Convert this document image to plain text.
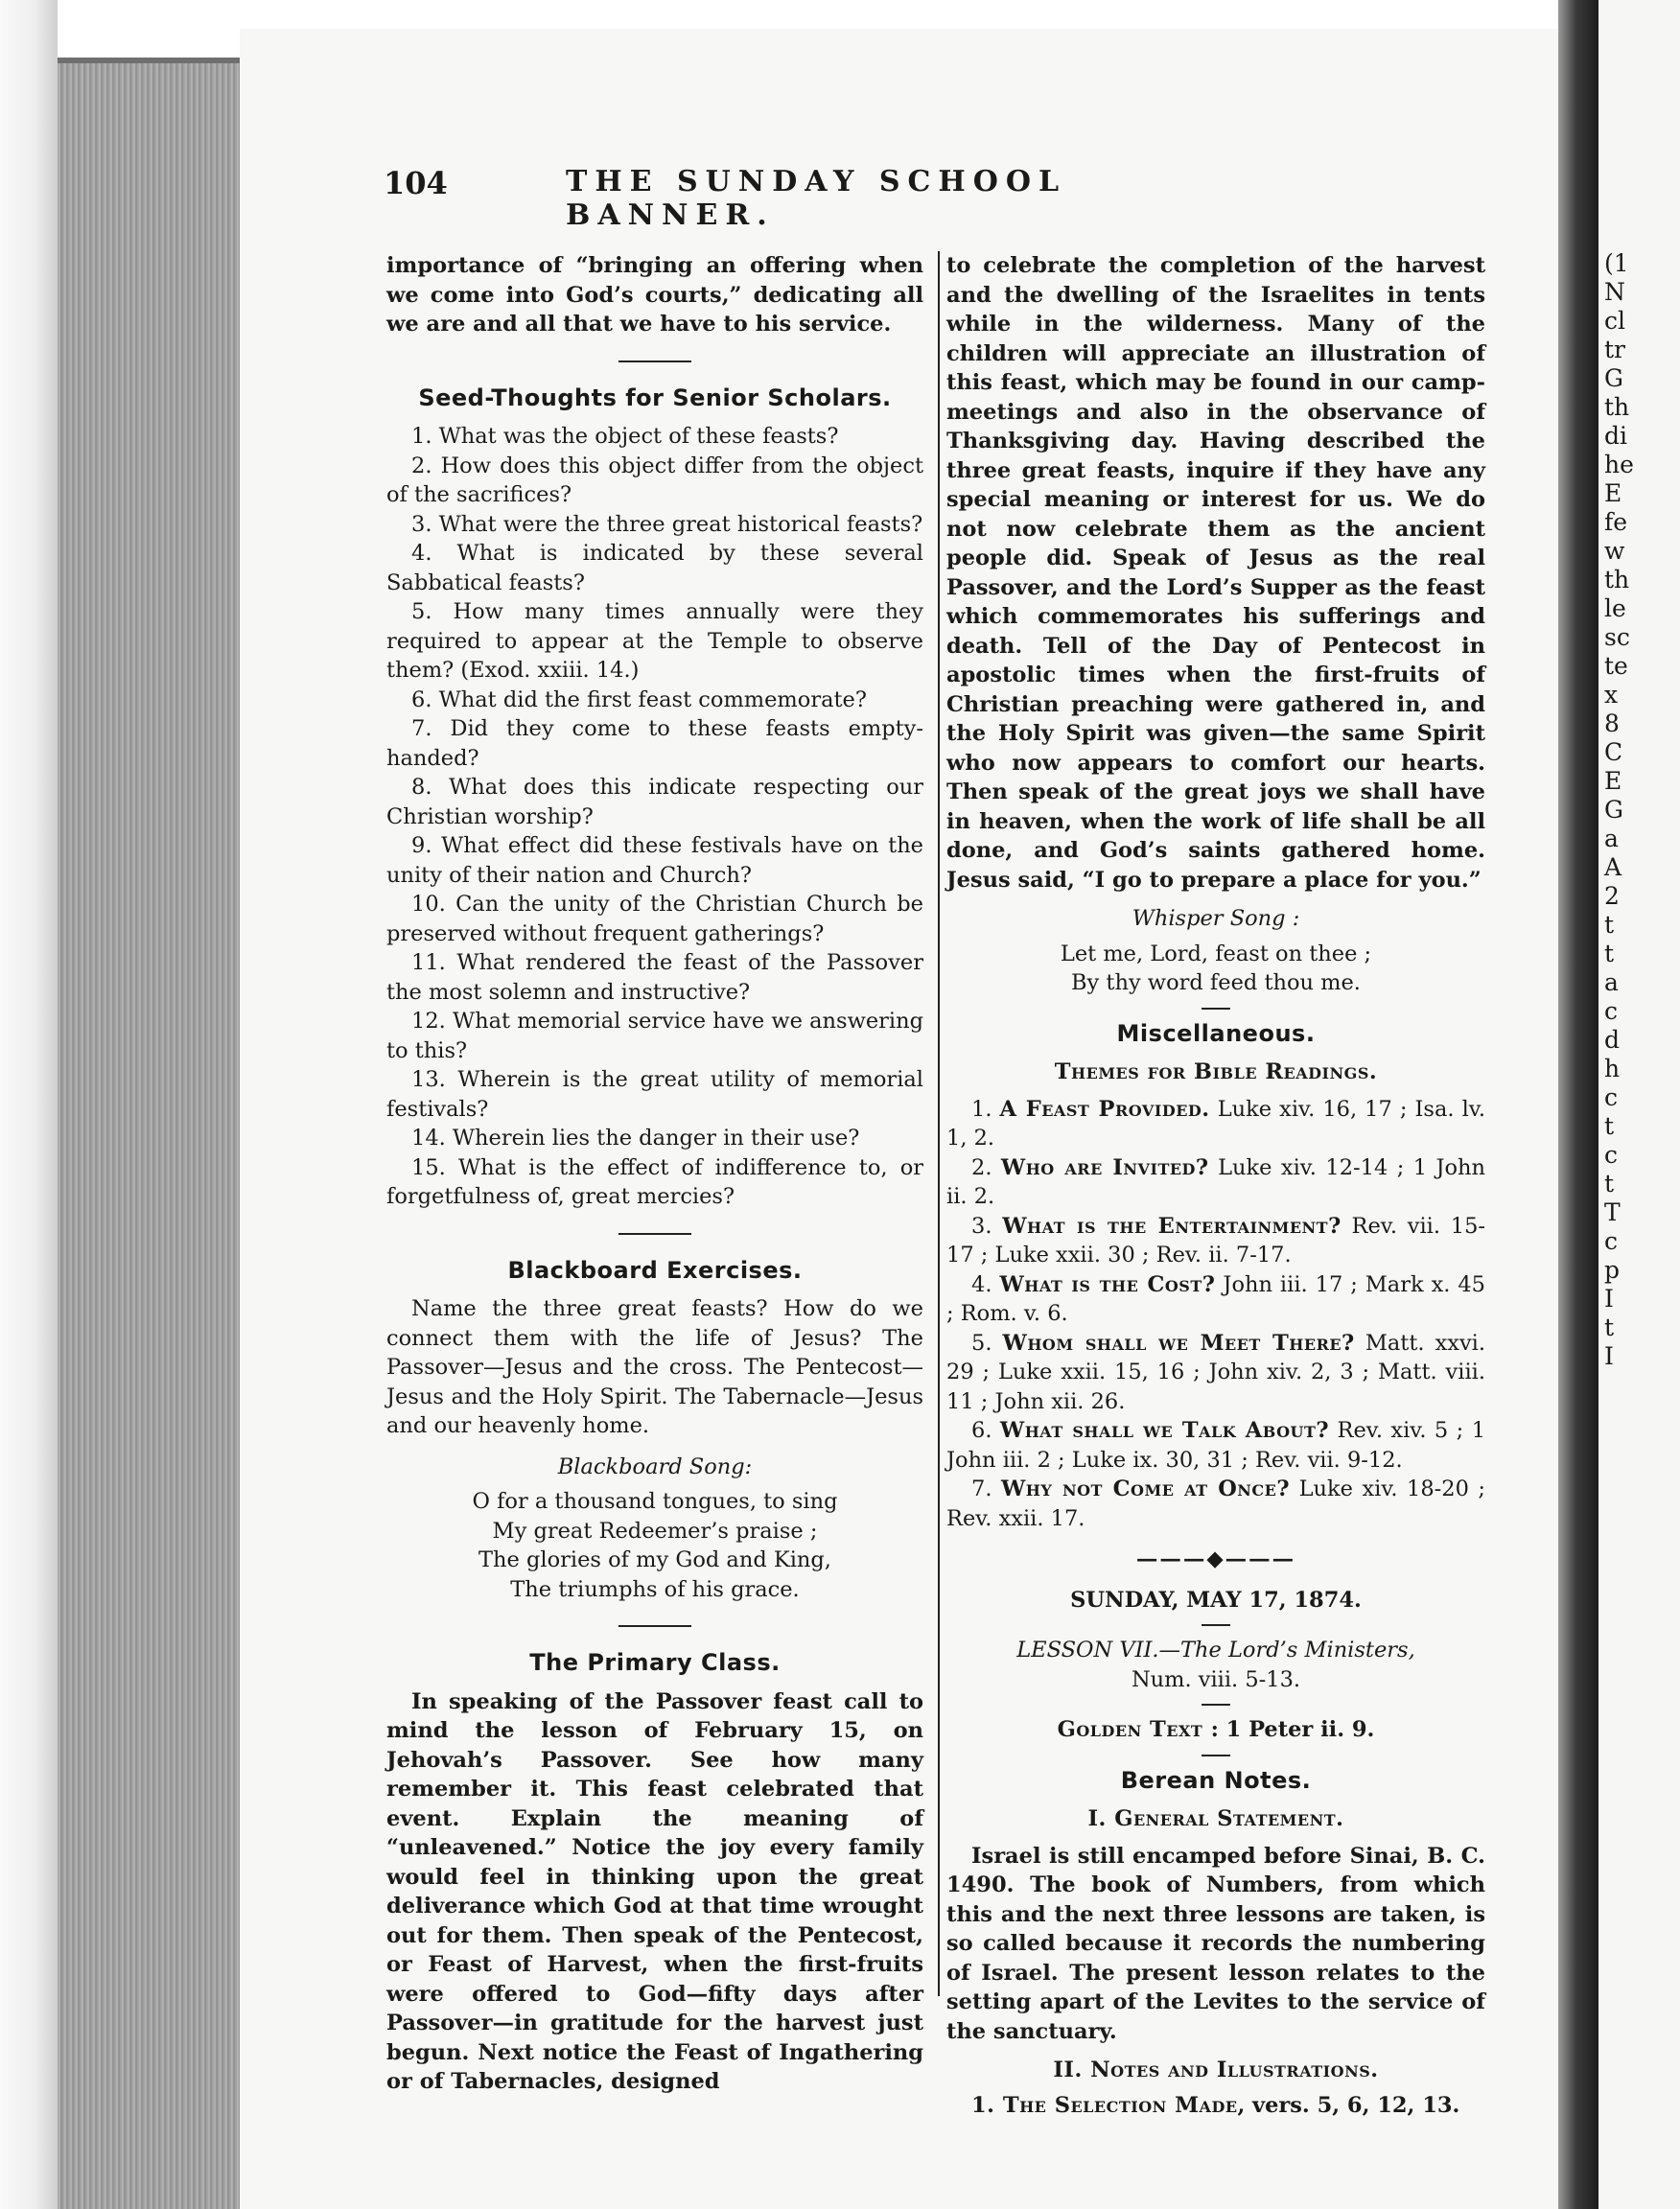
(1
N
cl
tr
G
th
di
he
E
fe
w
th
le
sc
te
x
8
C
E
G
a
A
2
t
t
a
c
d
h
c
t
c
t
T
c
p
I
t
I
104	THE SUNDAY SCHOOL BANNER.

importance of “bringing an offering when we come into God’s courts,” dedicating all we are and all that we have to his service.

Seed-Thoughts for Senior Scholars.

1. What was the object of these feasts?

2. How does this object differ from the object of the sacrifices?

3. What were the three great historical feasts?

4. What is indicated by these several Sabbatical feasts?

5. How many times annually were they required to appear at the Temple to observe them? (Exod. xxiii. 14.)

6. What did the first feast commemorate?

7. Did they come to these feasts empty-handed?

8. What does this indicate respecting our Christian worship?

9. What effect did these festivals have on the unity of their nation and Church?

10. Can the unity of the Christian Church be preserved without frequent gatherings?

11. What rendered the feast of the Passover the most solemn and instructive?

12. What memorial service have we answering to this?

13. Wherein is the great utility of memorial festivals?

14. Wherein lies the danger in their use?

15. What is the effect of indifference to, or forgetfulness of, great mercies?

Blackboard Exercises.

Name the three great feasts? How do we connect them with the life of Jesus? The Passover—Jesus and the cross. The Pentecost—Jesus and the Holy Spirit. The Tabernacle—Jesus and our heavenly home.

Blackboard Song:

O for a thousand tongues, to sing

My great Redeemer’s praise ;

The glories of my God and King,

The triumphs of his grace.

The Primary Class.

In speaking of the Passover feast call to mind the lesson of February 15, on Jehovah’s Passover. See how many remember it. This feast celebrated that event. Explain the meaning of “unleavened.” Notice the joy every family would feel in thinking upon the great deliverance which God at that time wrought out for them. Then speak of the Pentecost, or Feast of Harvest, when the first-fruits were offered to God—fifty days after Passover—in gratitude for the harvest just begun. Next notice the Feast of Ingathering or of Tabernacles, designed

to celebrate the completion of the harvest and the dwelling of the Israelites in tents while in the wilderness. Many of the children will appreciate an illustration of this feast, which may be found in our camp-meetings and also in the observance of Thanksgiving day. Having described the three great feasts, inquire if they have any special meaning or interest for us. We do not now celebrate them as the ancient people did. Speak of Jesus as the real Passover, and the Lord’s Supper as the feast which commemorates his sufferings and death. Tell of the Day of Pentecost in apostolic times when the first-fruits of Christian preaching were gathered in, and the Holy Spirit was given—the same Spirit who now appears to comfort our hearts. Then speak of the great joys we shall have in heaven, when the work of life shall be all done, and God’s saints gathered home. Jesus said, “I go to prepare a place for you.”

Whisper Song :

Let me, Lord, feast on thee ;

By thy word feed thou me.

Miscellaneous.

Themes for Bible Readings.

1. A Feast Provided. Luke xiv. 16, 17 ; Isa. lv. 1, 2.

2. Who are Invited? Luke xiv. 12-14 ; 1 John ii. 2.

3. What is the Entertainment? Rev. vii. 15-17 ; Luke xxii. 30 ; Rev. ii. 7-17.

4. What is the Cost? John iii. 17 ; Mark x. 45 ; Rom. v. 6.

5. Whom shall we Meet There? Matt. xxvi. 29 ; Luke xxii. 15, 16 ; John xiv. 2, 3 ; Matt. viii. 11 ; John xii. 26.

6. What shall we Talk About? Rev. xiv. 5 ; 1 John iii. 2 ; Luke ix. 30, 31 ; Rev. vii. 9-12.

7. Why not Come at Once? Luke xiv. 18-20 ; Rev. xxii. 17.

———◆———
SUNDAY, MAY 17, 1874.

LESSON VII.—The Lord’s Ministers,

Num. viii. 5-13.

Golden Text : 1 Peter ii. 9.

Berean Notes.

I. General Statement.

Israel is still encamped before Sinai, B. C. 1490. The book of Numbers, from which this and the next three lessons are taken, is so called because it records the numbering of Israel. The present lesson relates to the setting apart of the Levites to the service of the sanctuary.

II. Notes and Illustrations.

1. The Selection Made, vers. 5, 6, 12, 13.
